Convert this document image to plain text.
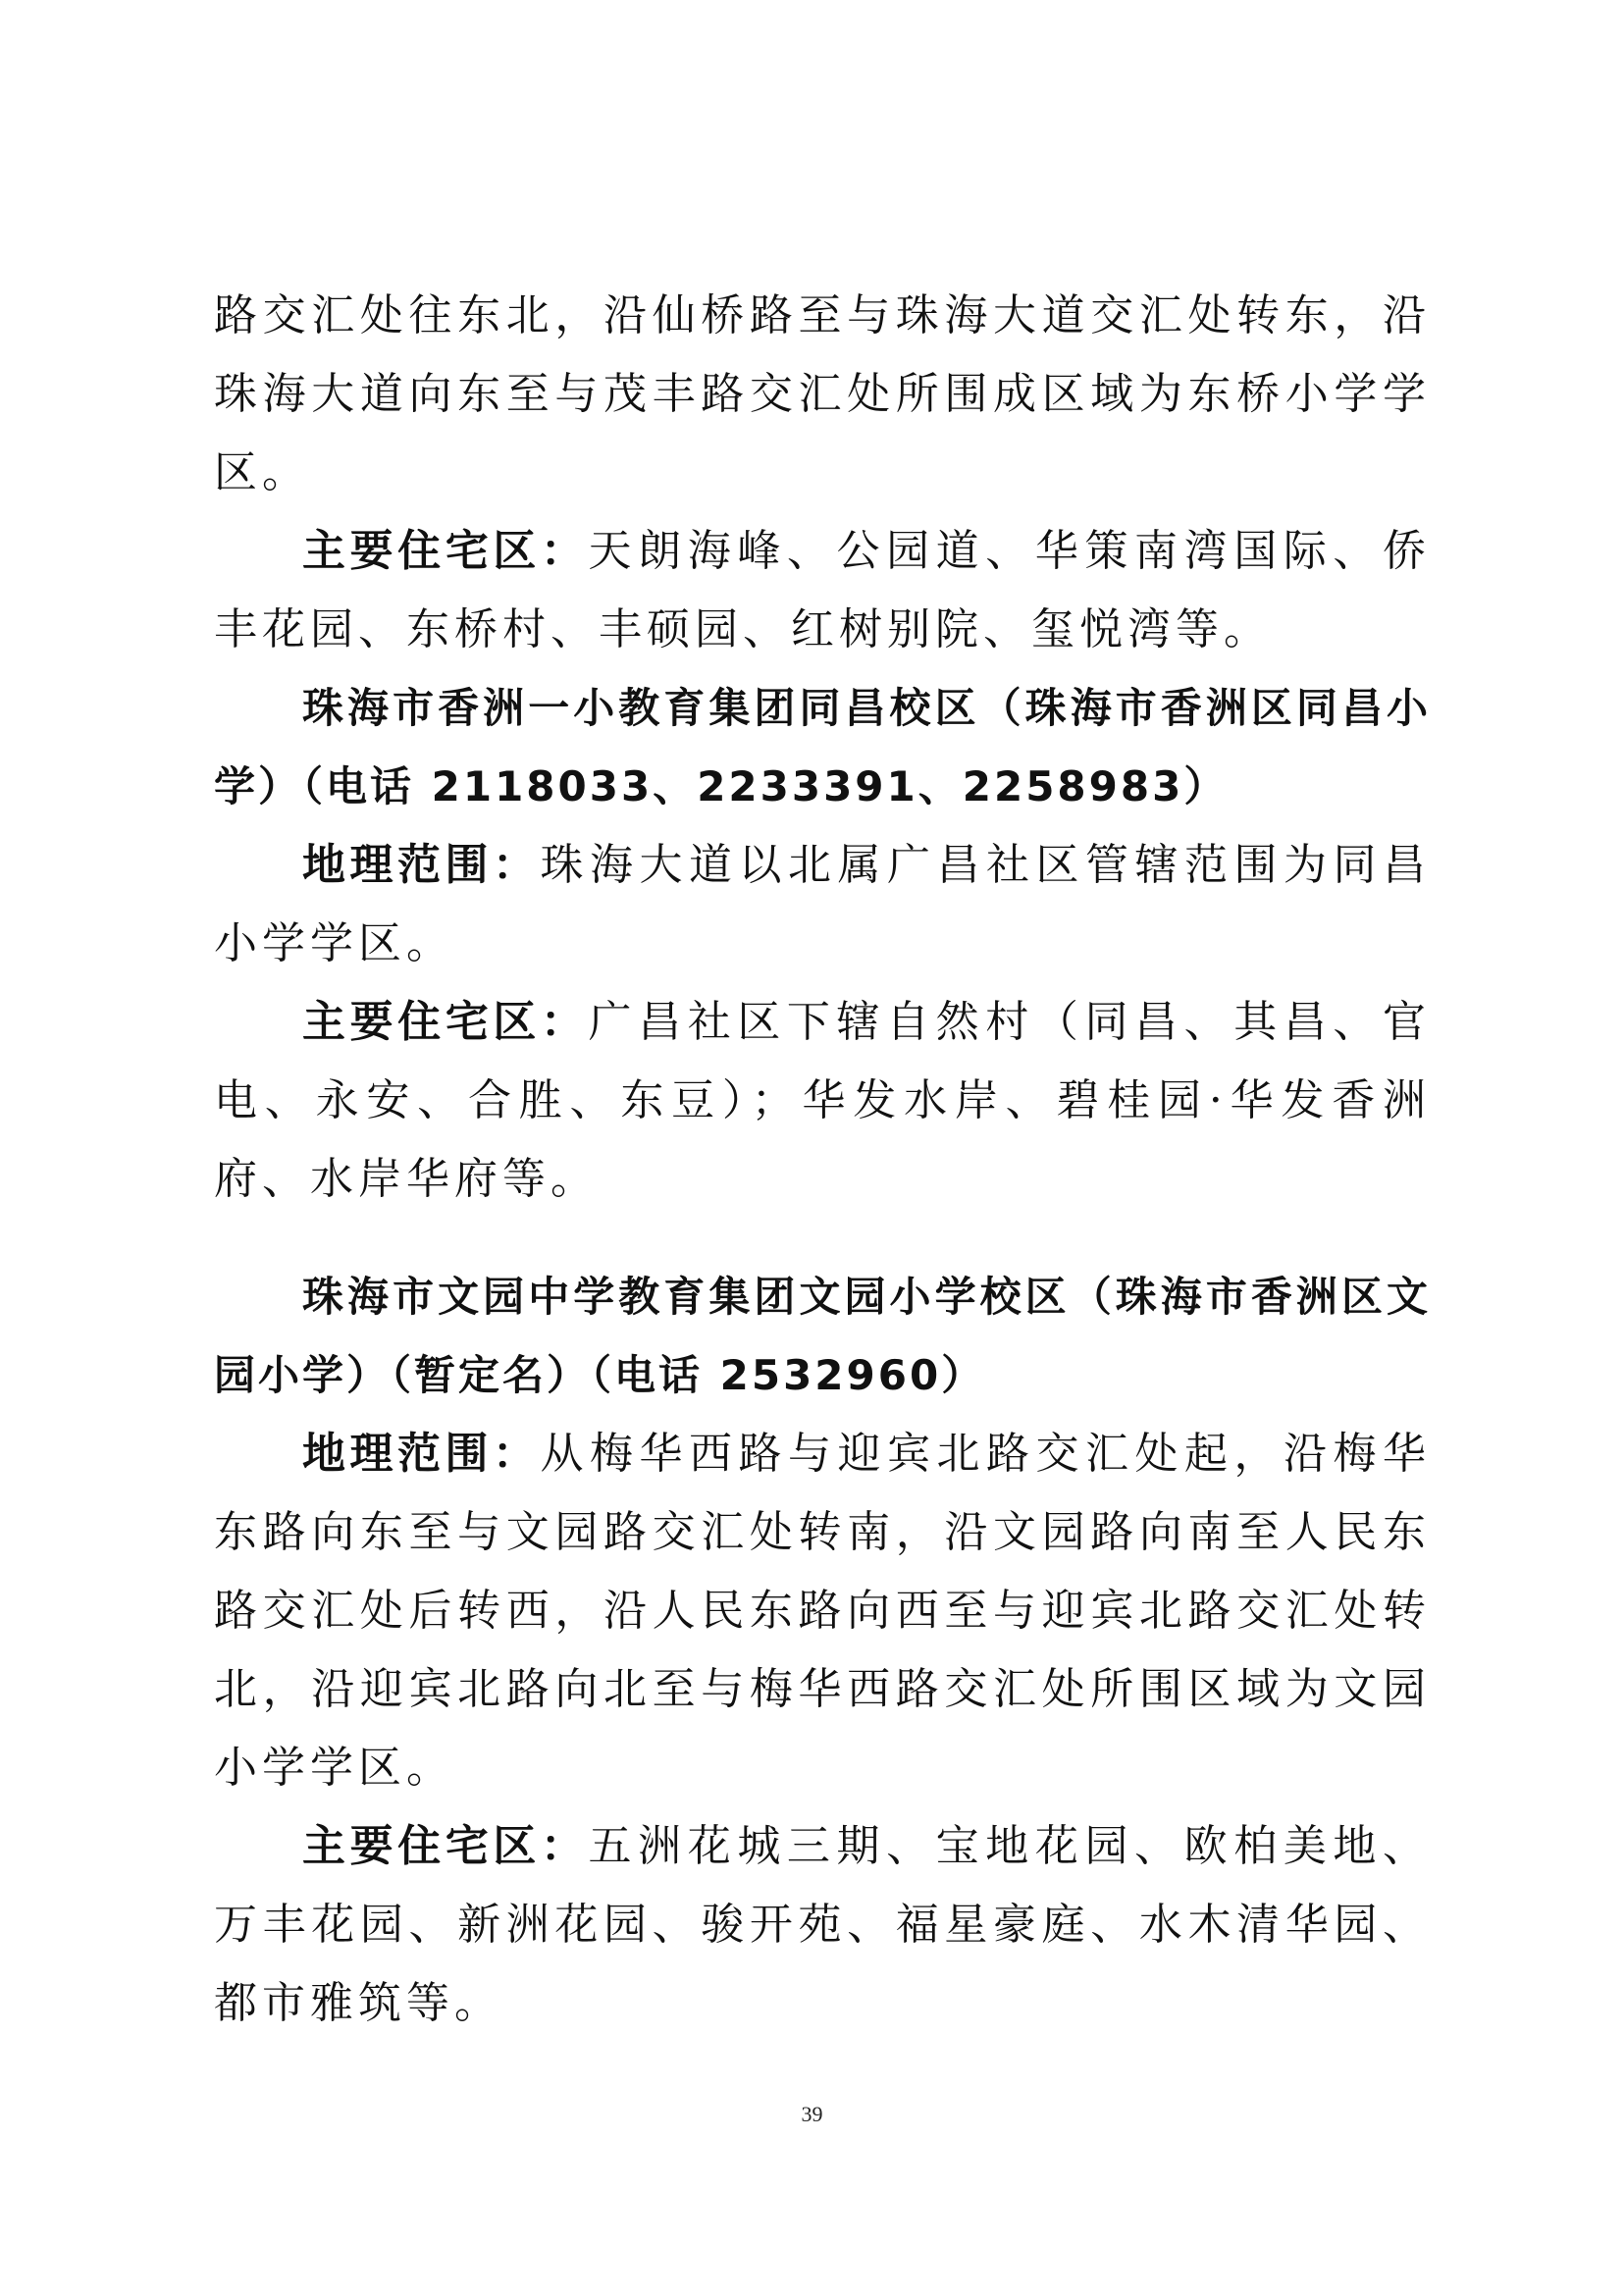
路交汇处往东北，沿仙桥路至与珠海大道交汇处转东，沿珠海大道向东至与茂丰路交汇处所围成区域为东桥小学学区。

主要住宅区：天朗海峰、公园道、华策南湾国际、侨丰花园、东桥村、丰硕园、红树别院、玺悦湾等。

珠海市香洲一小教育集团同昌校区（珠海市香洲区同昌小学）（电话 2118033、2233391、2258983）

地理范围：珠海大道以北属广昌社区管辖范围为同昌小学学区。

主要住宅区：广昌社区下辖自然村（同昌、其昌、官电、永安、合胜、东豆）；华发水岸、碧桂园·华发香洲府、水岸华府等。

珠海市文园中学教育集团文园小学校区（珠海市香洲区文园小学）（暂定名）（电话 2532960）

地理范围：从梅华西路与迎宾北路交汇处起，沿梅华东路向东至与文园路交汇处转南，沿文园路向南至人民东路交汇处后转西，沿人民东路向西至与迎宾北路交汇处转北，沿迎宾北路向北至与梅华西路交汇处所围区域为文园小学学区。

主要住宅区：五洲花城三期、宝地花园、欧柏美地、万丰花园、新洲花园、骏开苑、福星豪庭、水木清华园、都市雅筑等。

39
